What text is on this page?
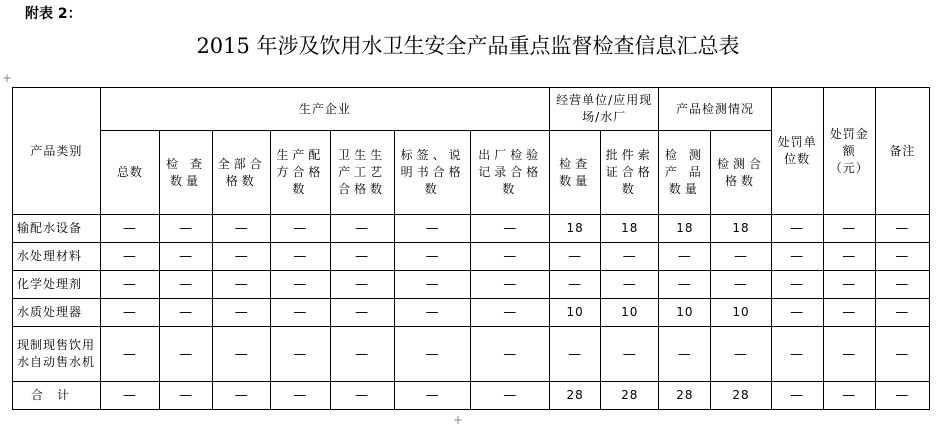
附表 2：
2015 年涉及饮用水卫生安全产品重点监督检查信息汇总表
+
产品类别	生产企业							经营单位/应用现场/水厂		产品检测情况		处罚单位数	处罚金额（元）	备注
	总数	检 查 数量	全部合格数	生产配方合格数	卫生生产工艺合格数	标签、说明书合格数	出厂检验记录合格数	检查数量	批件索证合格数	检 测 产 品 数量	检测合格数			
输配水设备	—	—	—	—	—	—	—	18	18	18	18	—	—	—
水处理材料	—	—	—	—	—	—	—	—	—	—	—	—	—	—
化学处理剂	—	—	—	—	—	—	—	—	—	—	—	—	—	—
水质处理器	—	—	—	—	—	—	—	10	10	10	10	—	—	—
现制现售饮用水自动售水机	—	—	—	—	—	—	—	—	—	—	—	—	—	—
合　计	—	—	—	—	—	—	—	28	28	28	28	—	—	—
+
